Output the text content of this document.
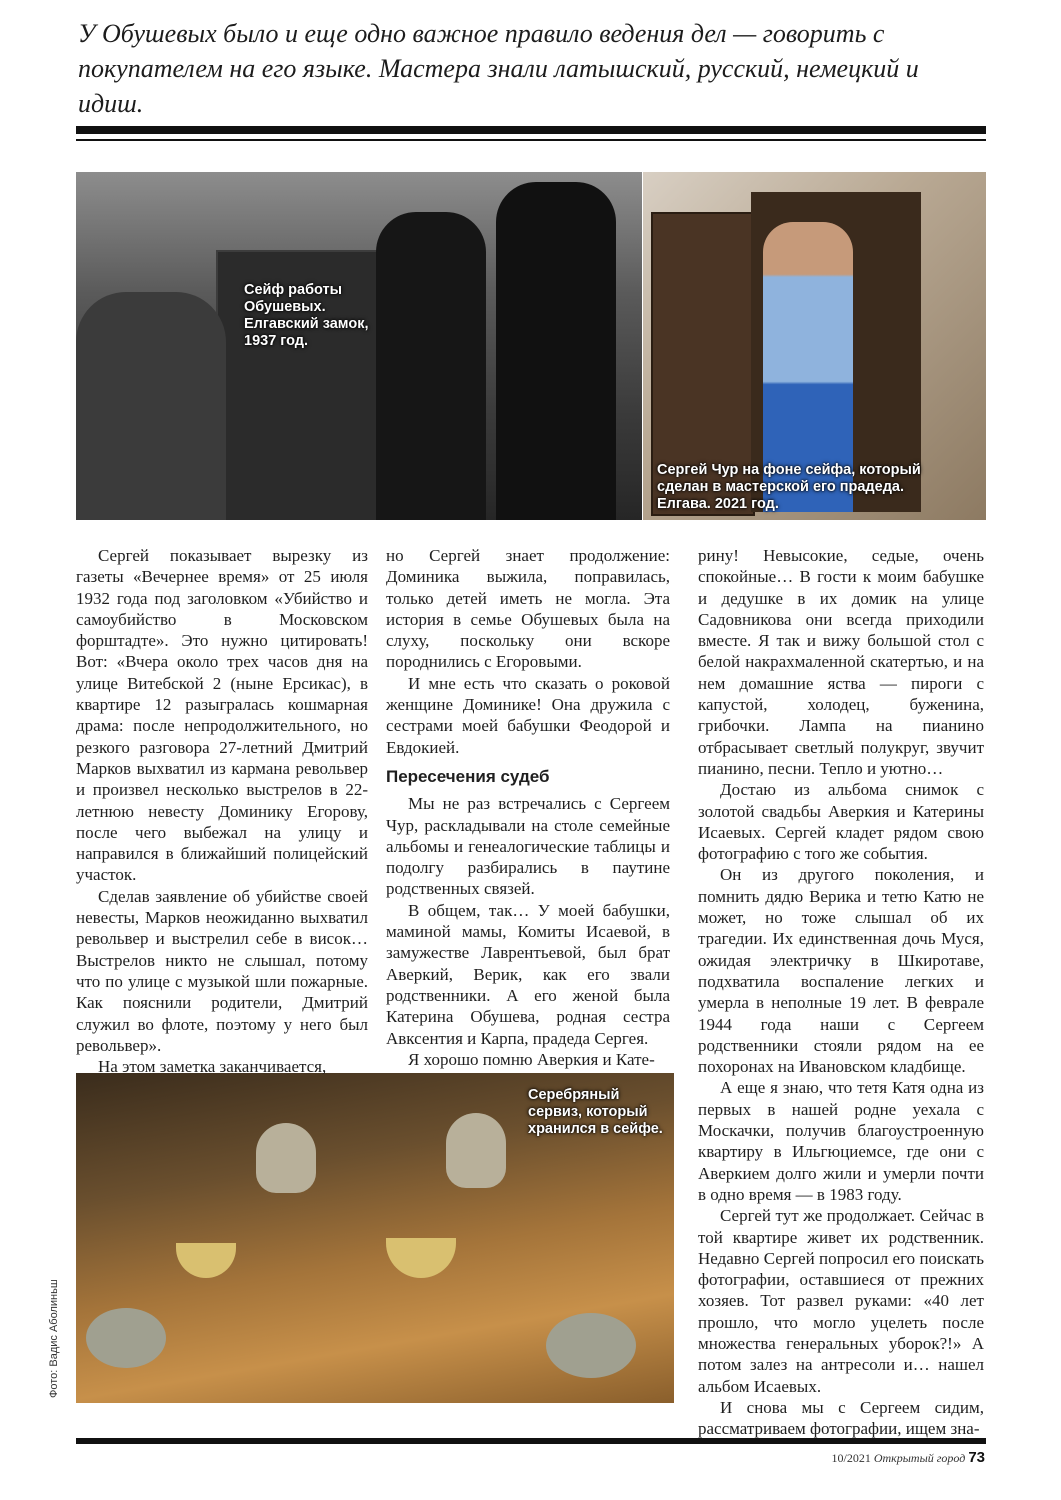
У Обушевых было и еще одно важное правило ведения дел — говорить с покупателем на его языке. Мастера знали латышский, русский, немецкий и идиш.

Сейф работы Обушевых. Елгавский замок, 1937 год.
Сергей Чур на фоне сейфа, который сделан в мастерской его прадеда. Елгава. 2021 год.
Серебряный сервиз, который хранился в сейфе.
Фото: Вадис Аболиньш

Сергей показывает вырезку из газеты «Вечернее время» от 25 июля 1932 года под заголовком «Убийство и самоубийство в Московском форштадте». Это нужно цитировать! Вот: «Вчера около трех часов дня на улице Витебской 2 (ныне Ерсикас), в квартире 12 разыгралась кошмарная драма: после непродолжительного, но резкого разговора 27-летний Дмитрий Марков выхватил из кармана револьвер и произвел несколько выстрелов в 22-летнюю невесту Доминику Егорову, после чего выбежал на улицу и направился в ближайший полицейский участок.

Сделав заявление об убийстве своей невесты, Марков неожиданно выхватил револьвер и выстрелил себе в висок… Выстрелов никто не слышал, потому что по улице с музыкой шли пожарные. Как пояснили родители, Дмитрий служил во флоте, поэтому у него был револьвер».

На этом заметка заканчивается,

но Сергей знает продолжение: Доминика выжила, поправилась, только детей иметь не могла. Эта история в семье Обушевых была на слуху, поскольку они вскоре породнились с Егоровыми.

И мне есть что сказать о роковой женщине Доминике! Она дружила с сестрами моей бабушки Феодорой и Евдокией.

Пересечения судеб

Мы не раз встречались с Сергеем Чур, раскладывали на столе семейные альбомы и генеалогические таблицы и подолгу разбирались в паутине родственных связей.

В общем, так… У моей бабушки, маминой мамы, Комиты Исаевой, в замужестве Лаврентьевой, был брат Аверкий, Верик, как его звали родственники. А его женой была Катерина Обушева, родная сестра Авксентия и Карпа, прадеда Сергея.

Я хорошо помню Аверкия и Кате-

рину! Невысокие, седые, очень спокойные… В гости к моим бабушке и дедушке в их домик на улице Садовникова они всегда приходили вместе. Я так и вижу большой стол с белой накрахмаленной скатертью, и на нем домашние яства — пироги с капустой, холодец, буженина, грибочки. Лампа на пианино отбрасывает светлый полукруг, звучит пианино, песни. Тепло и уютно…

Достаю из альбома снимок с золотой свадьбы Аверкия и Катерины Исаевых. Сергей кладет рядом свою фотографию с того же события.

Он из другого поколения, и помнить дядю Верика и тетю Катю не может, но тоже слышал об их трагедии. Их единственная дочь Муся, ожидая электричку в Шкиротаве, подхватила воспаление легких и умерла в неполные 19 лет. В феврале 1944 года наши с Сергеем родственники стояли рядом на ее похоронах на Ивановском кладбище.

А еще я знаю, что тетя Катя одна из первых в нашей родне уехала с Москачки, получив благоустроенную квартиру в Ильгюциемсе, где они с Аверкием долго жили и умерли почти в одно время — в 1983 году.

Сергей тут же продолжает. Сейчас в той квартире живет их родственник. Недавно Сергей попросил его поискать фотографии, оставшиеся от прежних хозяев. Тот развел руками: «40 лет прошло, что могло уцелеть после множества генеральных уборок?!» А потом залез на антресоли и… нашел альбом Исаевых.

И снова мы с Сергеем сидим, рассматриваем фотографии, ищем зна-

10/2021 Открытый город 73
